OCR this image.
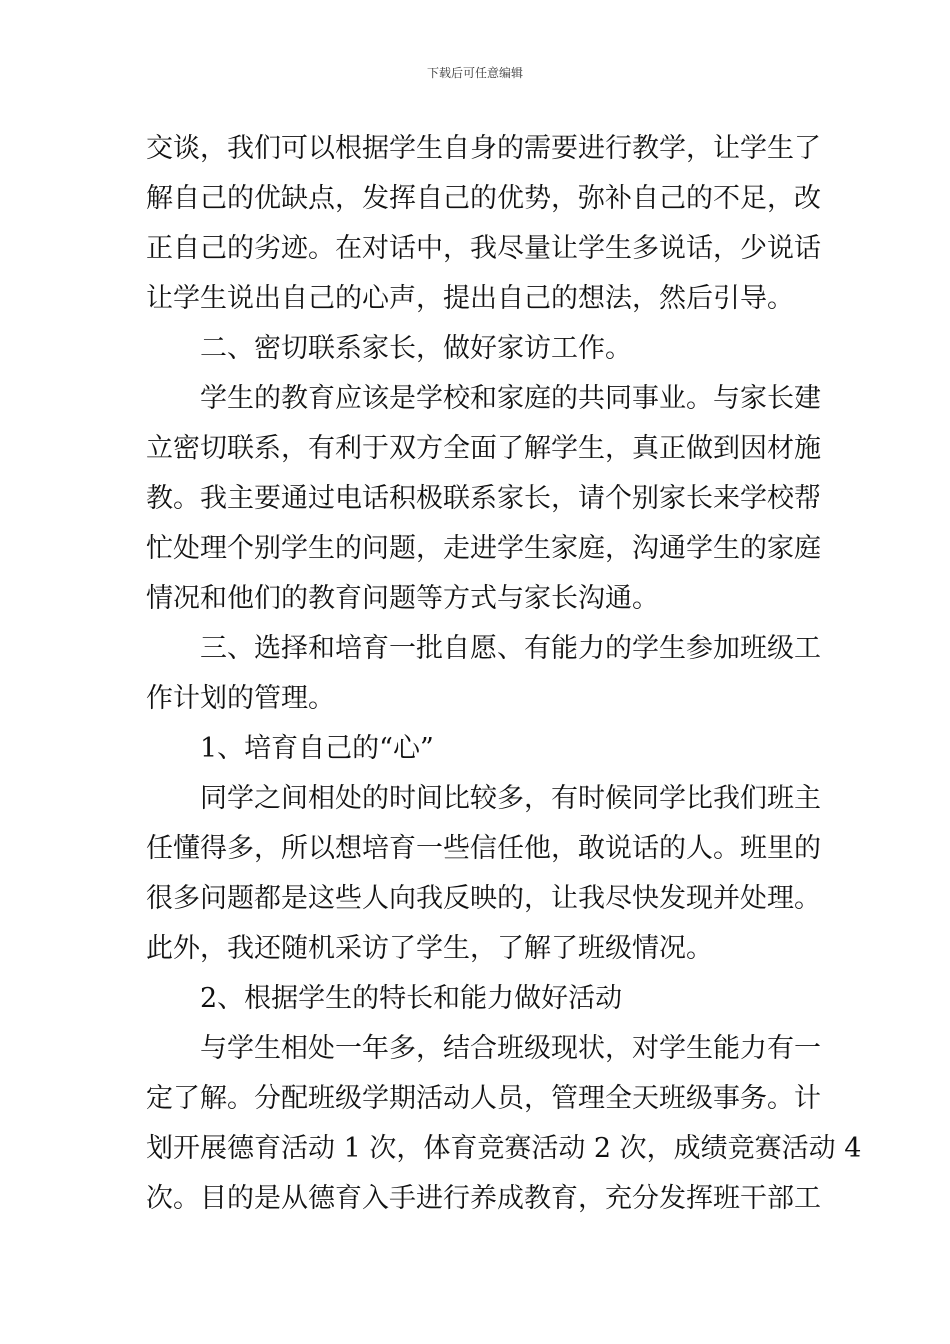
下载后可任意编辑
交谈，我们可以根据学生自身的需要进行教学，让学生了
解自己的优缺点，发挥自己的优势，弥补自己的不足，改
正自己的劣迹。在对话中，我尽量让学生多说话，少说话
让学生说出自己的心声，提出自己的想法，然后引导。
二、密切联系家长，做好家访工作。
学生的教育应该是学校和家庭的共同事业。与家长建
立密切联系，有利于双方全面了解学生，真正做到因材施
教。我主要通过电话积极联系家长，请个别家长来学校帮
忙处理个别学生的问题，走进学生家庭，沟通学生的家庭
情况和他们的教育问题等方式与家长沟通。
三、选择和培育一批自愿、有能力的学生参加班级工
作计划的管理。
1、培育自己的“心”
同学之间相处的时间比较多，有时候同学比我们班主
任懂得多，所以想培育一些信任他，敢说话的人。班里的
很多问题都是这些人向我反映的，让我尽快发现并处理。
此外，我还随机采访了学生，了解了班级情况。
2、根据学生的特长和能力做好活动
与学生相处一年多，结合班级现状，对学生能力有一
定了解。分配班级学期活动人员，管理全天班级事务。计
划开展德育活动 1 次，体育竞赛活动 2 次，成绩竞赛活动 4
次。目的是从德育入手进行养成教育，充分发挥班干部工
